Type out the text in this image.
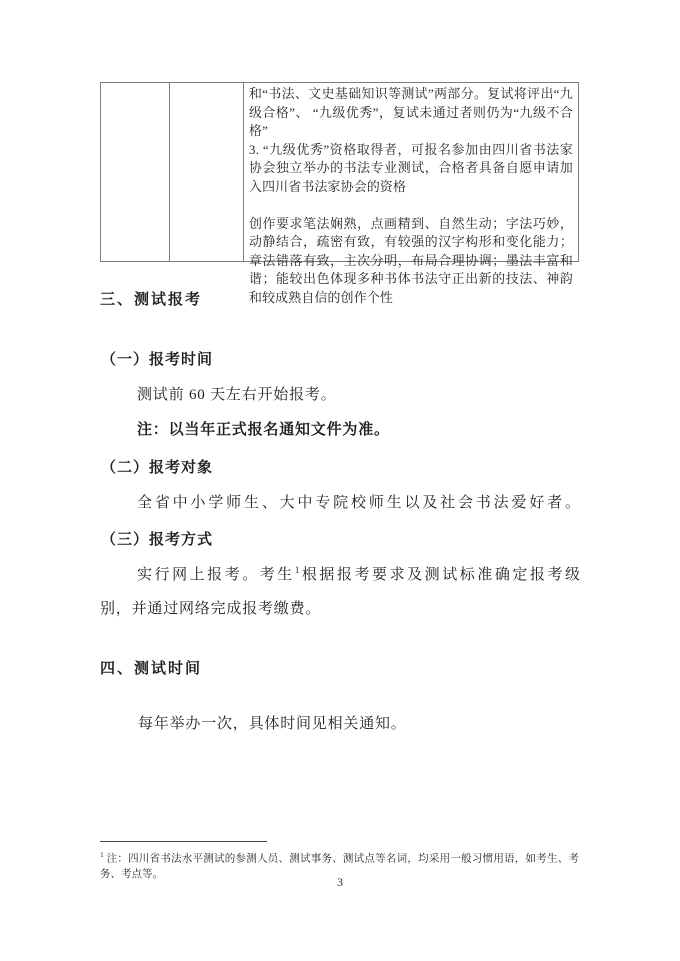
和“书法、文史基础知识等测试”两部分。复试将评出“九级合格”、 “九级优秀”，复试未通过者则仍为“九级不合格”

3. “九级优秀”资格取得者，可报名参加由四川省书法家协会独立举办的书法专业测试，合格者具备自愿申请加入四川省书法家协会的资格

创作要求笔法娴熟，点画精到、自然生动；字法巧妙，动静结合，疏密有致，有较强的汉字构形和变化能力；章法错落有致，主次分明，布局合理协调；墨法丰富和谐；能较出色体现多种书体书法守正出新的技法、神韵和较成熟自信的创作个性

三、测试报考
（一）报考时间
测试前 60 天左右开始报考。
注：以当年正式报名通知文件为准。
（二）报考对象
全省中小学师生、大中专院校师生以及社会书法爱好者。
（三）报考方式
实行网上报考。考生$^1$根据报考要求及测试标准确定报考级
别，并通过网络完成报考缴费。
四、测试时间
每年举办一次，具体时间见相关通知。
$^1$ 注：四川省书法水平测试的参测人员、测试事务、测试点等名词，均采用一般习惯用语，如考生、考务、考点等。
3
